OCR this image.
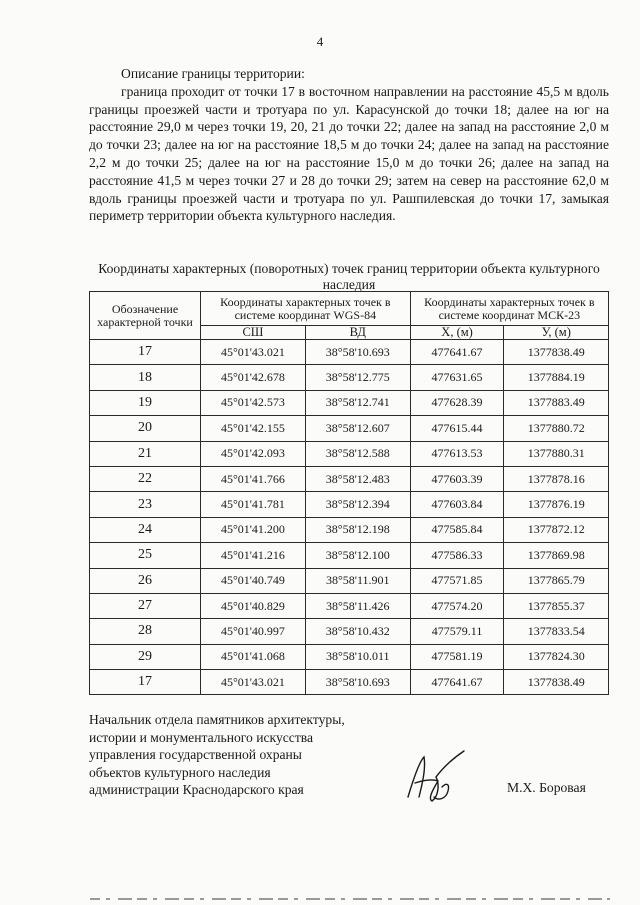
4

Описание границы территории:

граница проходит от точки 17 в восточном направлении на расстояние 45,5 м вдоль границы проезжей части и тротуара по ул. Карасунской до точки 18; далее на юг на расстояние 29,0 м через точки 19, 20, 21 до точки 22; далее на запад на расстояние 2,0 м до точки 23; далее на юг на расстояние 18,5 м до точки 24; далее на запад на расстояние 2,2 м до точки 25; далее на юг на расстояние 15,0 м до точки 26; далее на запад на расстояние 41,5 м через точки 27 и 28 до точки 29; затем на север на расстояние 62,0 м вдоль границы проезжей части и тротуара по ул. Рашпилевская до точки 17, замыкая периметр территории объекта культурного наследия.

Координаты характерных (поворотных) точек границ территории объекта культурного наследия
Обозначение характерной точки	Координаты характерных точек в системе координат WGS-84		Координаты характерных точек в системе координат МСК-23	
	СШ	ВД	X, (м)	У, (м)
17	45°01'43.021	38°58'10.693	477641.67	1377838.49
18	45°01'42.678	38°58'12.775	477631.65	1377884.19
19	45°01'42.573	38°58'12.741	477628.39	1377883.49
20	45°01'42.155	38°58'12.607	477615.44	1377880.72
21	45°01'42.093	38°58'12.588	477613.53	1377880.31
22	45°01'41.766	38°58'12.483	477603.39	1377878.16
23	45°01'41.781	38°58'12.394	477603.84	1377876.19
24	45°01'41.200	38°58'12.198	477585.84	1377872.12
25	45°01'41.216	38°58'12.100	477586.33	1377869.98
26	45°01'40.749	38°58'11.901	477571.85	1377865.79
27	45°01'40.829	38°58'11.426	477574.20	1377855.37
28	45°01'40.997	38°58'10.432	477579.11	1377833.54
29	45°01'41.068	38°58'10.011	477581.19	1377824.30
17	45°01'43.021	38°58'10.693	477641.67	1377838.49
Начальник отдела памятников архитектуры,
истории и монументального искусства
управления государственной охраны
объектов культурного наследия
администрации Краснодарского края	М.Х. Боровая
